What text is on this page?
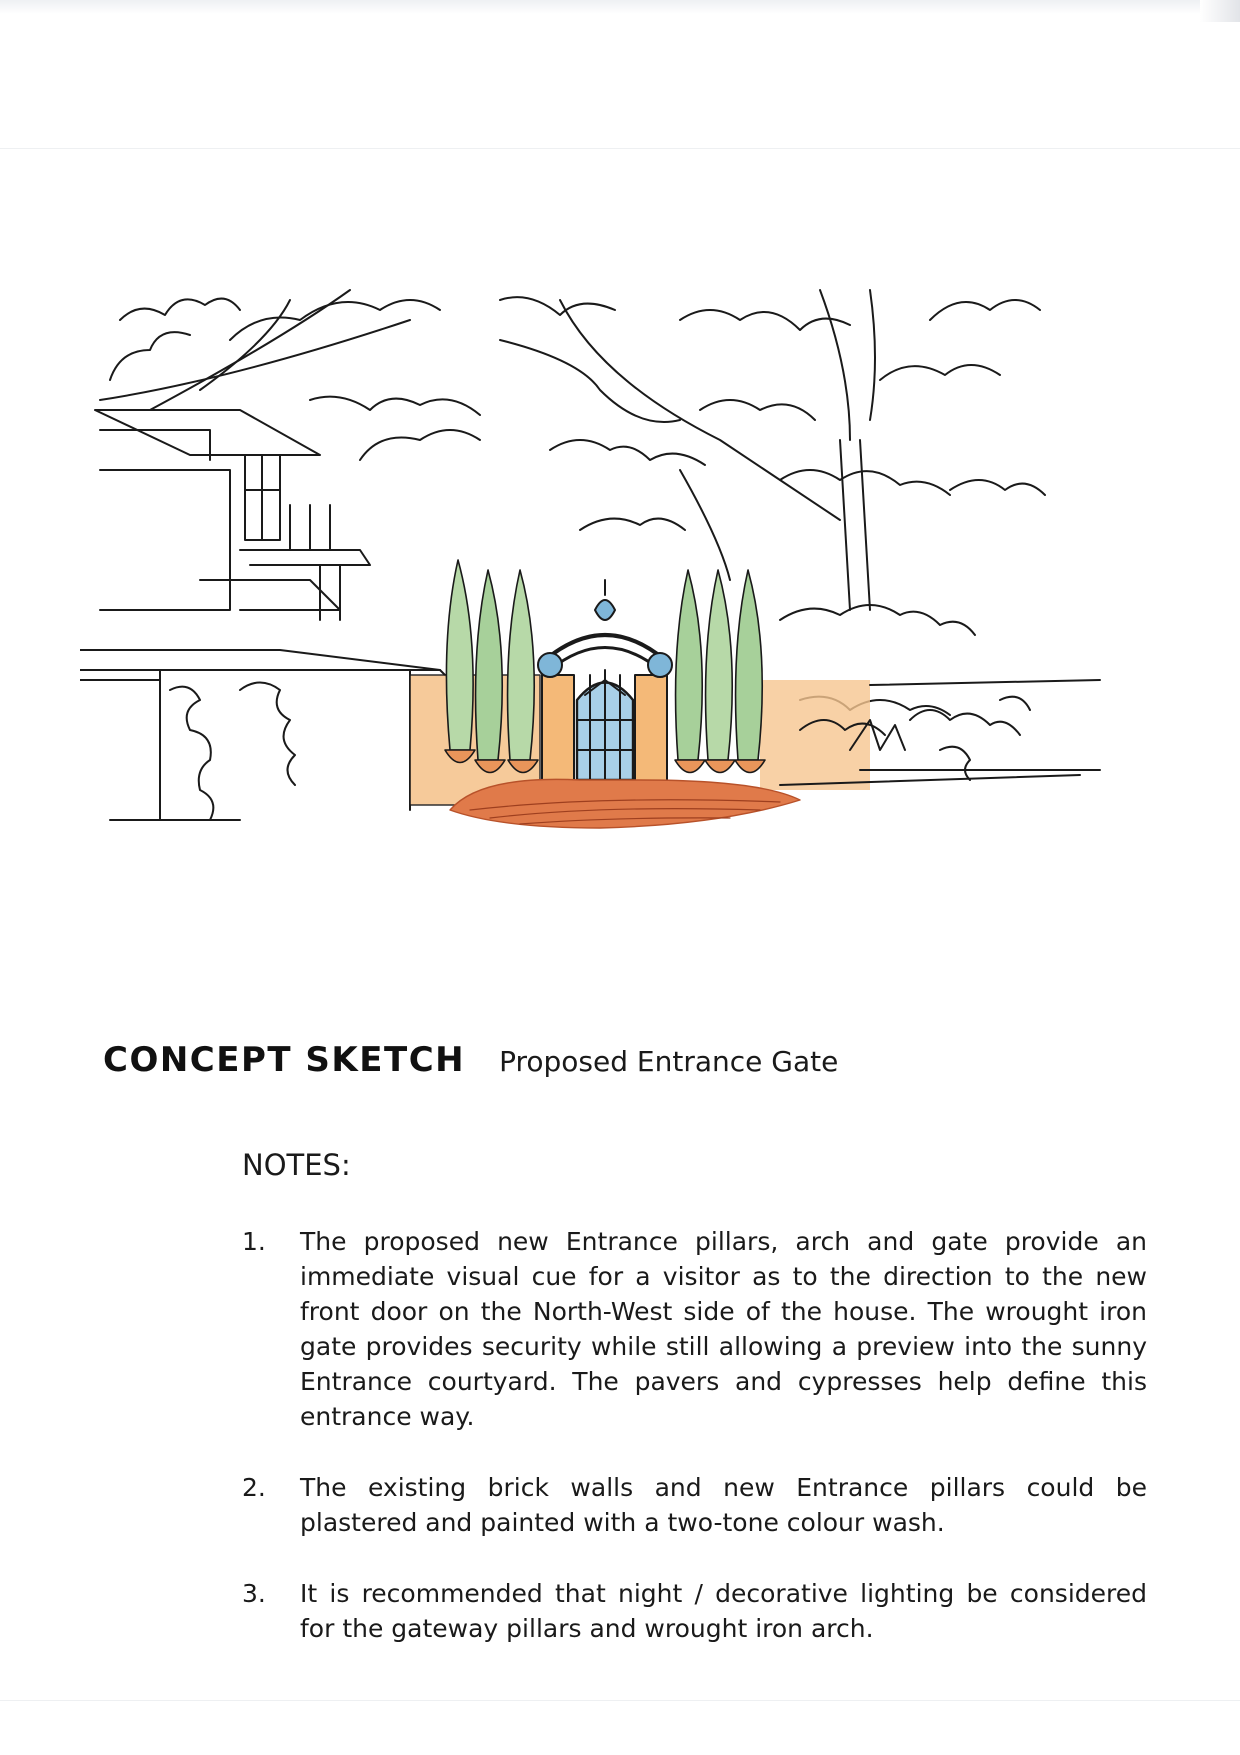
CONCEPT SKETCH Proposed Entrance Gate
NOTES:
1.	The proposed new Entrance pillars, arch and gate provide an immediate visual cue for a visitor as to the direction to the new front door on the North-West side of the house. The wrought iron gate provides security while still allowing a preview into the sunny Entrance courtyard. The pavers and cypresses help define this entrance way.
2.	The existing brick walls and new Entrance pillars could be plastered and painted with a two-tone colour wash.
3.	It is recommended that night / decorative lighting be considered for the gateway pillars and wrought iron arch.
